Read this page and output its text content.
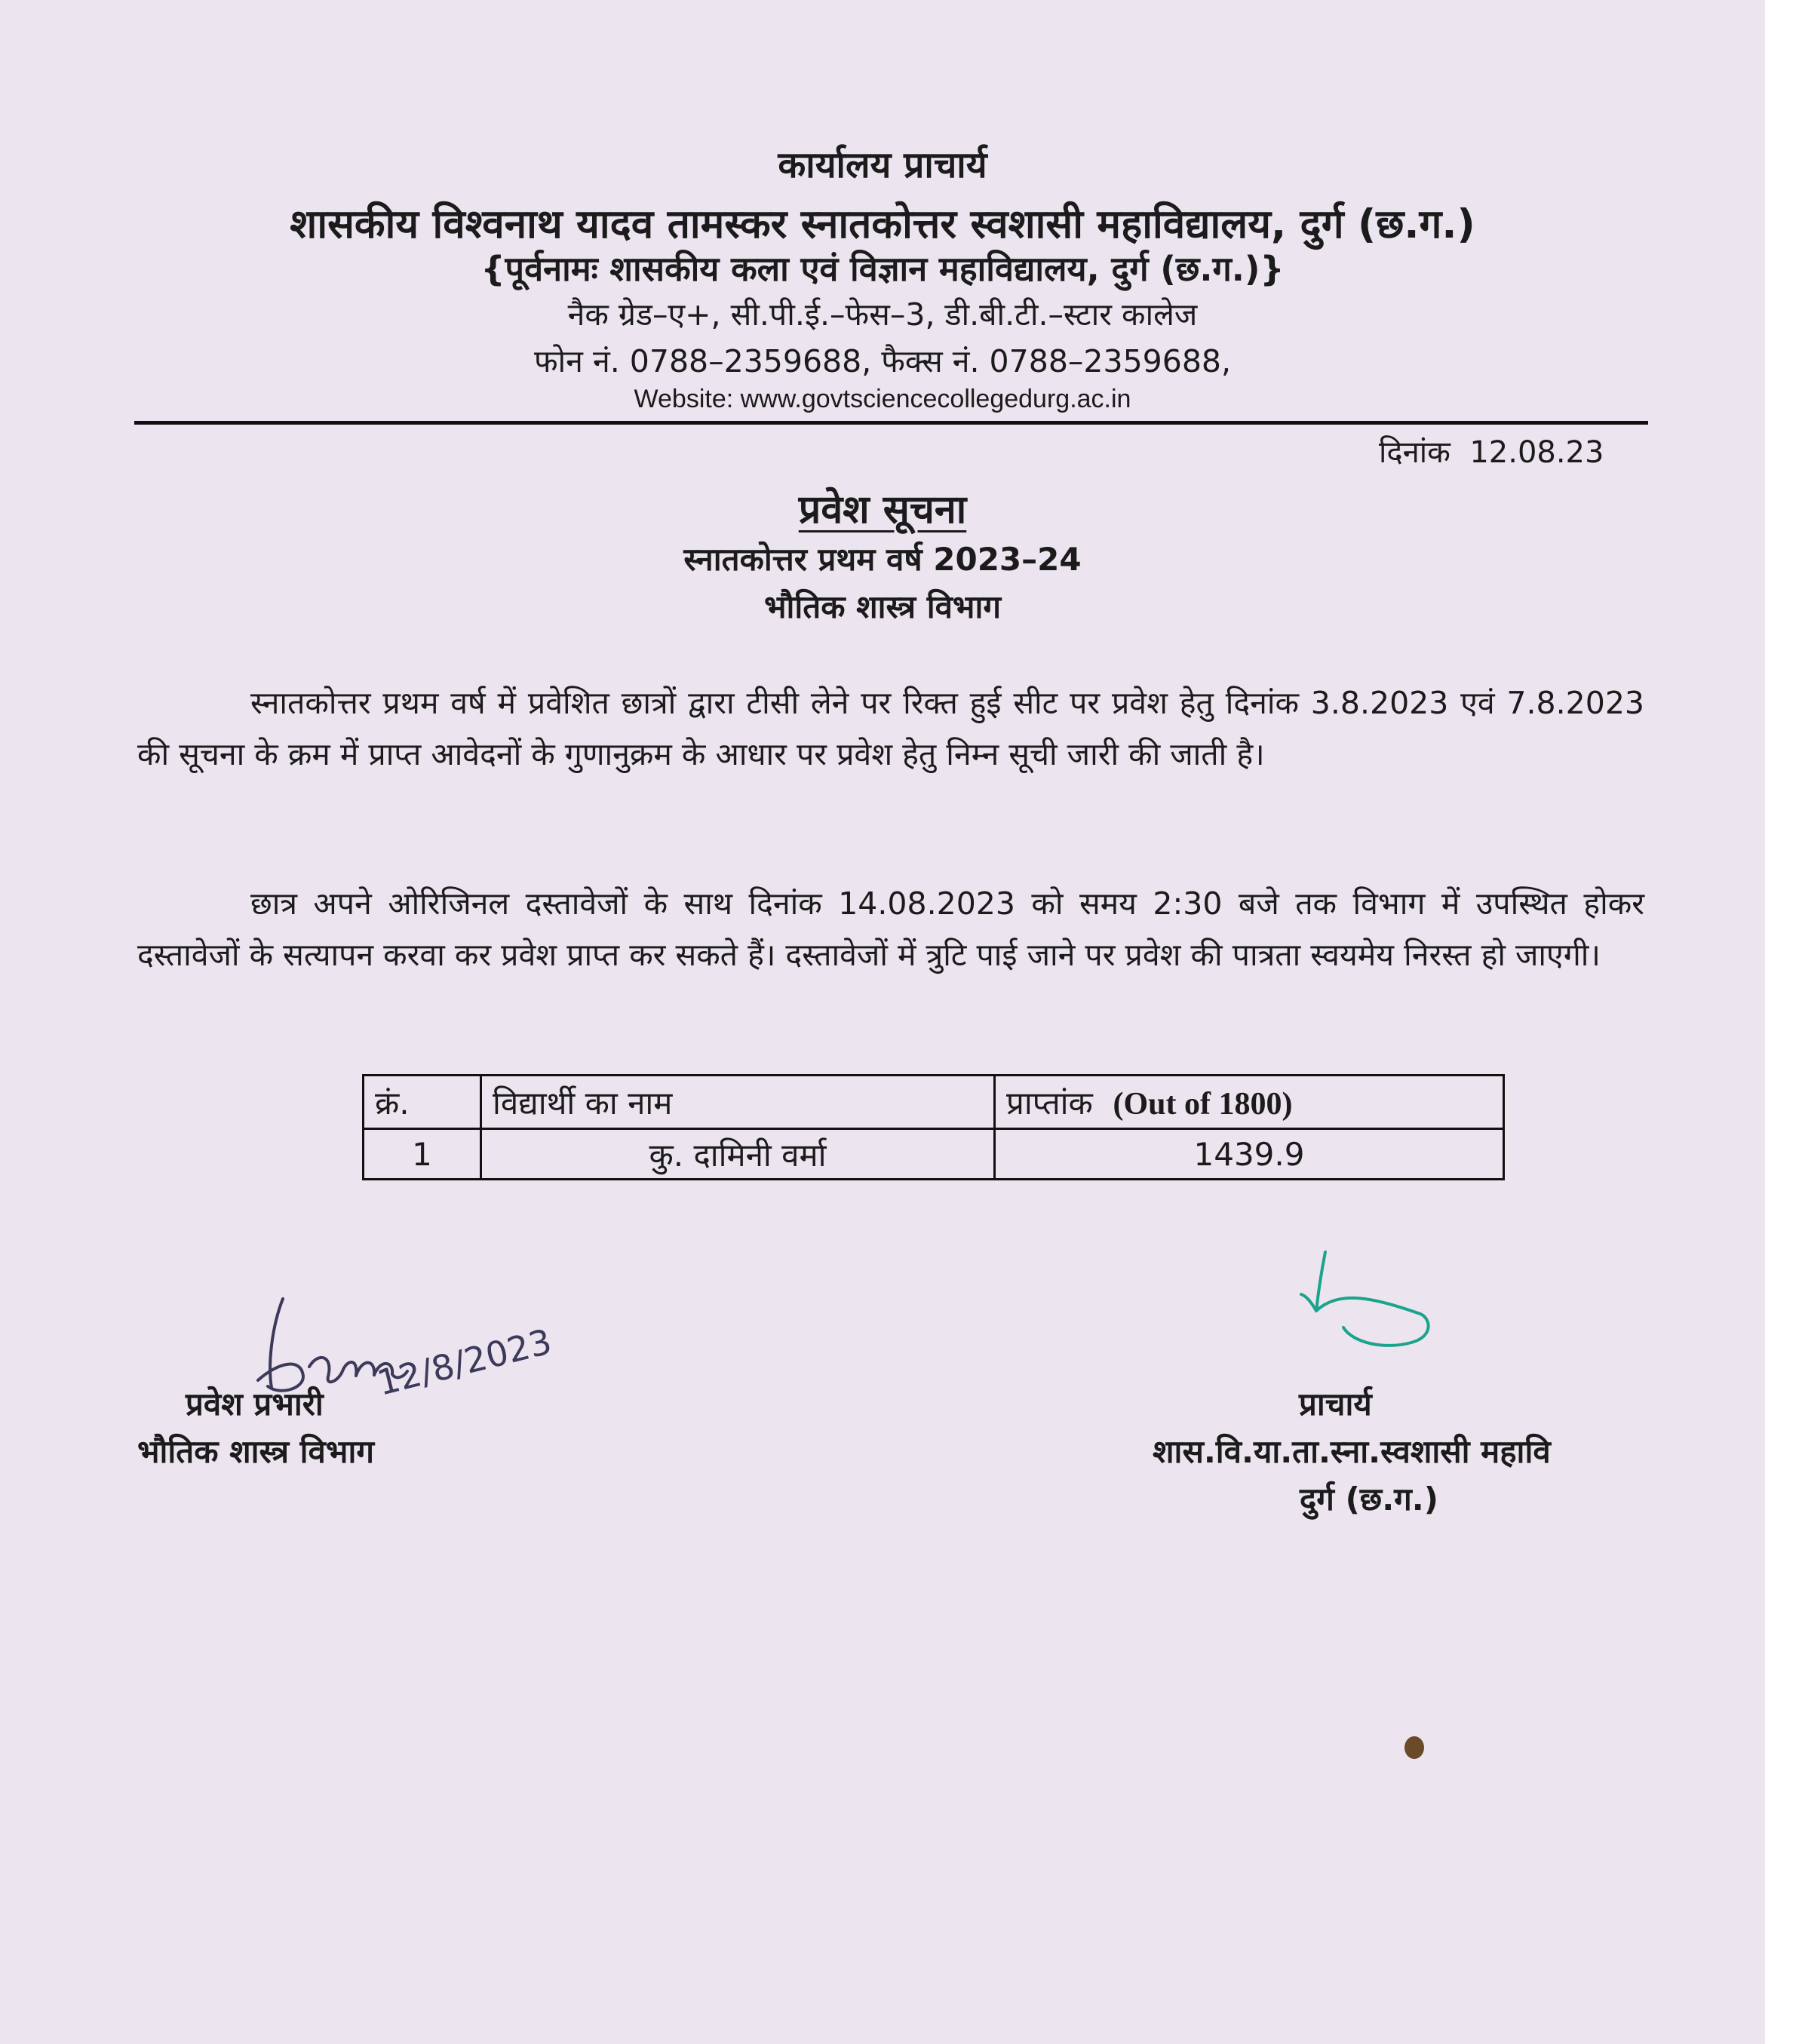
कार्यालय प्राचार्य
शासकीय विश्वनाथ यादव तामस्कर स्नातकोत्तर स्वशासी महाविद्यालय, दुर्ग (छ.ग.)
{पूर्वनामः शासकीय कला एवं विज्ञान महाविद्यालय, दुर्ग (छ.ग.)}
नैक ग्रेड–ए+, सी.पी.ई.–फेस–3, डी.बी.टी.–स्टार कालेज
फोन नं. 0788–2359688, फैक्स नं. 0788–2359688,
Website: www.govtsciencecollegedurg.ac.in
दिनांक 12.08.23
प्रवेश सूचना
स्नातकोत्तर प्रथम वर्ष 2023–24
भौतिक शास्त्र विभाग

स्नातकोत्तर प्रथम वर्ष में प्रवेशित छात्रों द्वारा टीसी लेने पर रिक्त हुई सीट पर प्रवेश हेतु दिनांक 3.8.2023 एवं 7.8.2023 की सूचना के क्रम में प्राप्त आवेदनों के गुणानुक्रम के आधार पर प्रवेश हेतु निम्न सूची जारी की जाती है।

छात्र अपने ओरिजिनल दस्तावेजों के साथ दिनांक 14.08.2023 को समय 2:30 बजे तक विभाग में उपस्थित होकर दस्तावेजों के सत्यापन करवा कर प्रवेश प्राप्त कर सकते हैं। दस्तावेजों में त्रुटि पाई जाने पर प्रवेश की पात्रता स्वयमेय निरस्त हो जाएगी।

क्रं.	विद्यार्थी का नाम	प्राप्तांक (Out of 1800)
1	कु. दामिनी वर्मा	1439.9
12/8/2023
प्रवेश प्रभारी
भौतिक शास्त्र विभाग
प्राचार्य
शास.वि.या.ता.स्ना.स्वशासी महावि
दुर्ग (छ.ग.)
